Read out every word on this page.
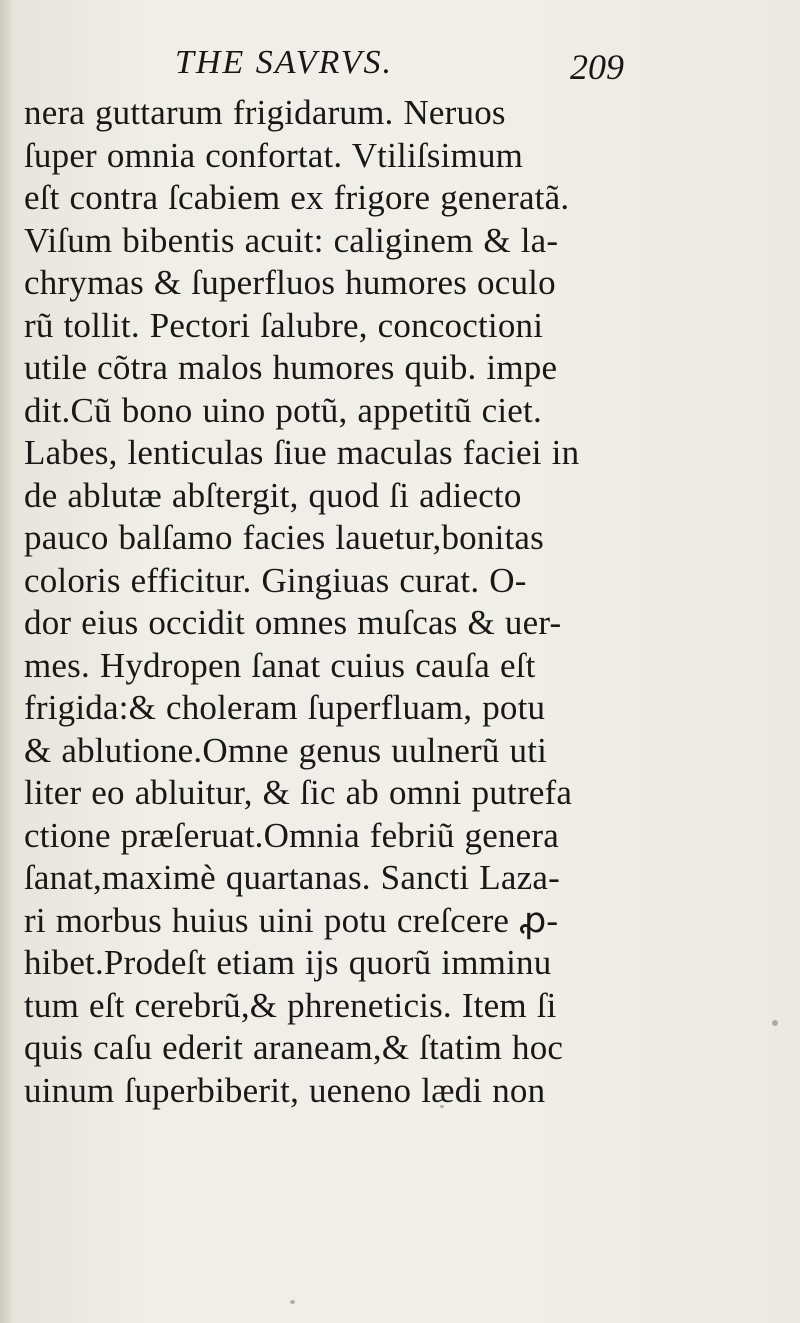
THE SAVRVS.	209
nera guttarum frigidarum. Neruos
ſuper omnia confortat. Vtiliſsimum
eſt contra ſcabiem ex frigore generatã.
Viſum bibentis acuit: caliginem & la-
chrymas & ſuperfluos humores oculo
rũ tollit. Pectori ſalubre, concoctioni
utile cõtra malos humores quib. impe
dit.Cũ bono uino potũ, appetitũ ciet.
Labes, lenticulas ſiue maculas faciei in
de ablutæ abſtergit, quod ſi adiecto
pauco balſamo facies lauetur,bonitas
coloris efficitur. Gingiuas curat. O-
dor eius occidit omnes muſcas & uer-
mes. Hydropen ſanat cuius cauſa eſt
frigida:& choleram ſuperfluam, potu
& ablutione.Omne genus uulnerũ uti
liter eo abluitur, & ſic ab omni putrefa
ctione præſeruat.Omnia febriũ genera
ſanat,maximè quartanas. Sancti Laza-
ri morbus huius uini potu creſcere ꝓ-
hibet.Prodeſt etiam ijs quorũ imminu
tum eſt cerebrũ,& phreneticis. Item ſi
quis caſu ederit araneam,& ſtatim hoc
uinum ſuperbiberit, ueneno lædi non
